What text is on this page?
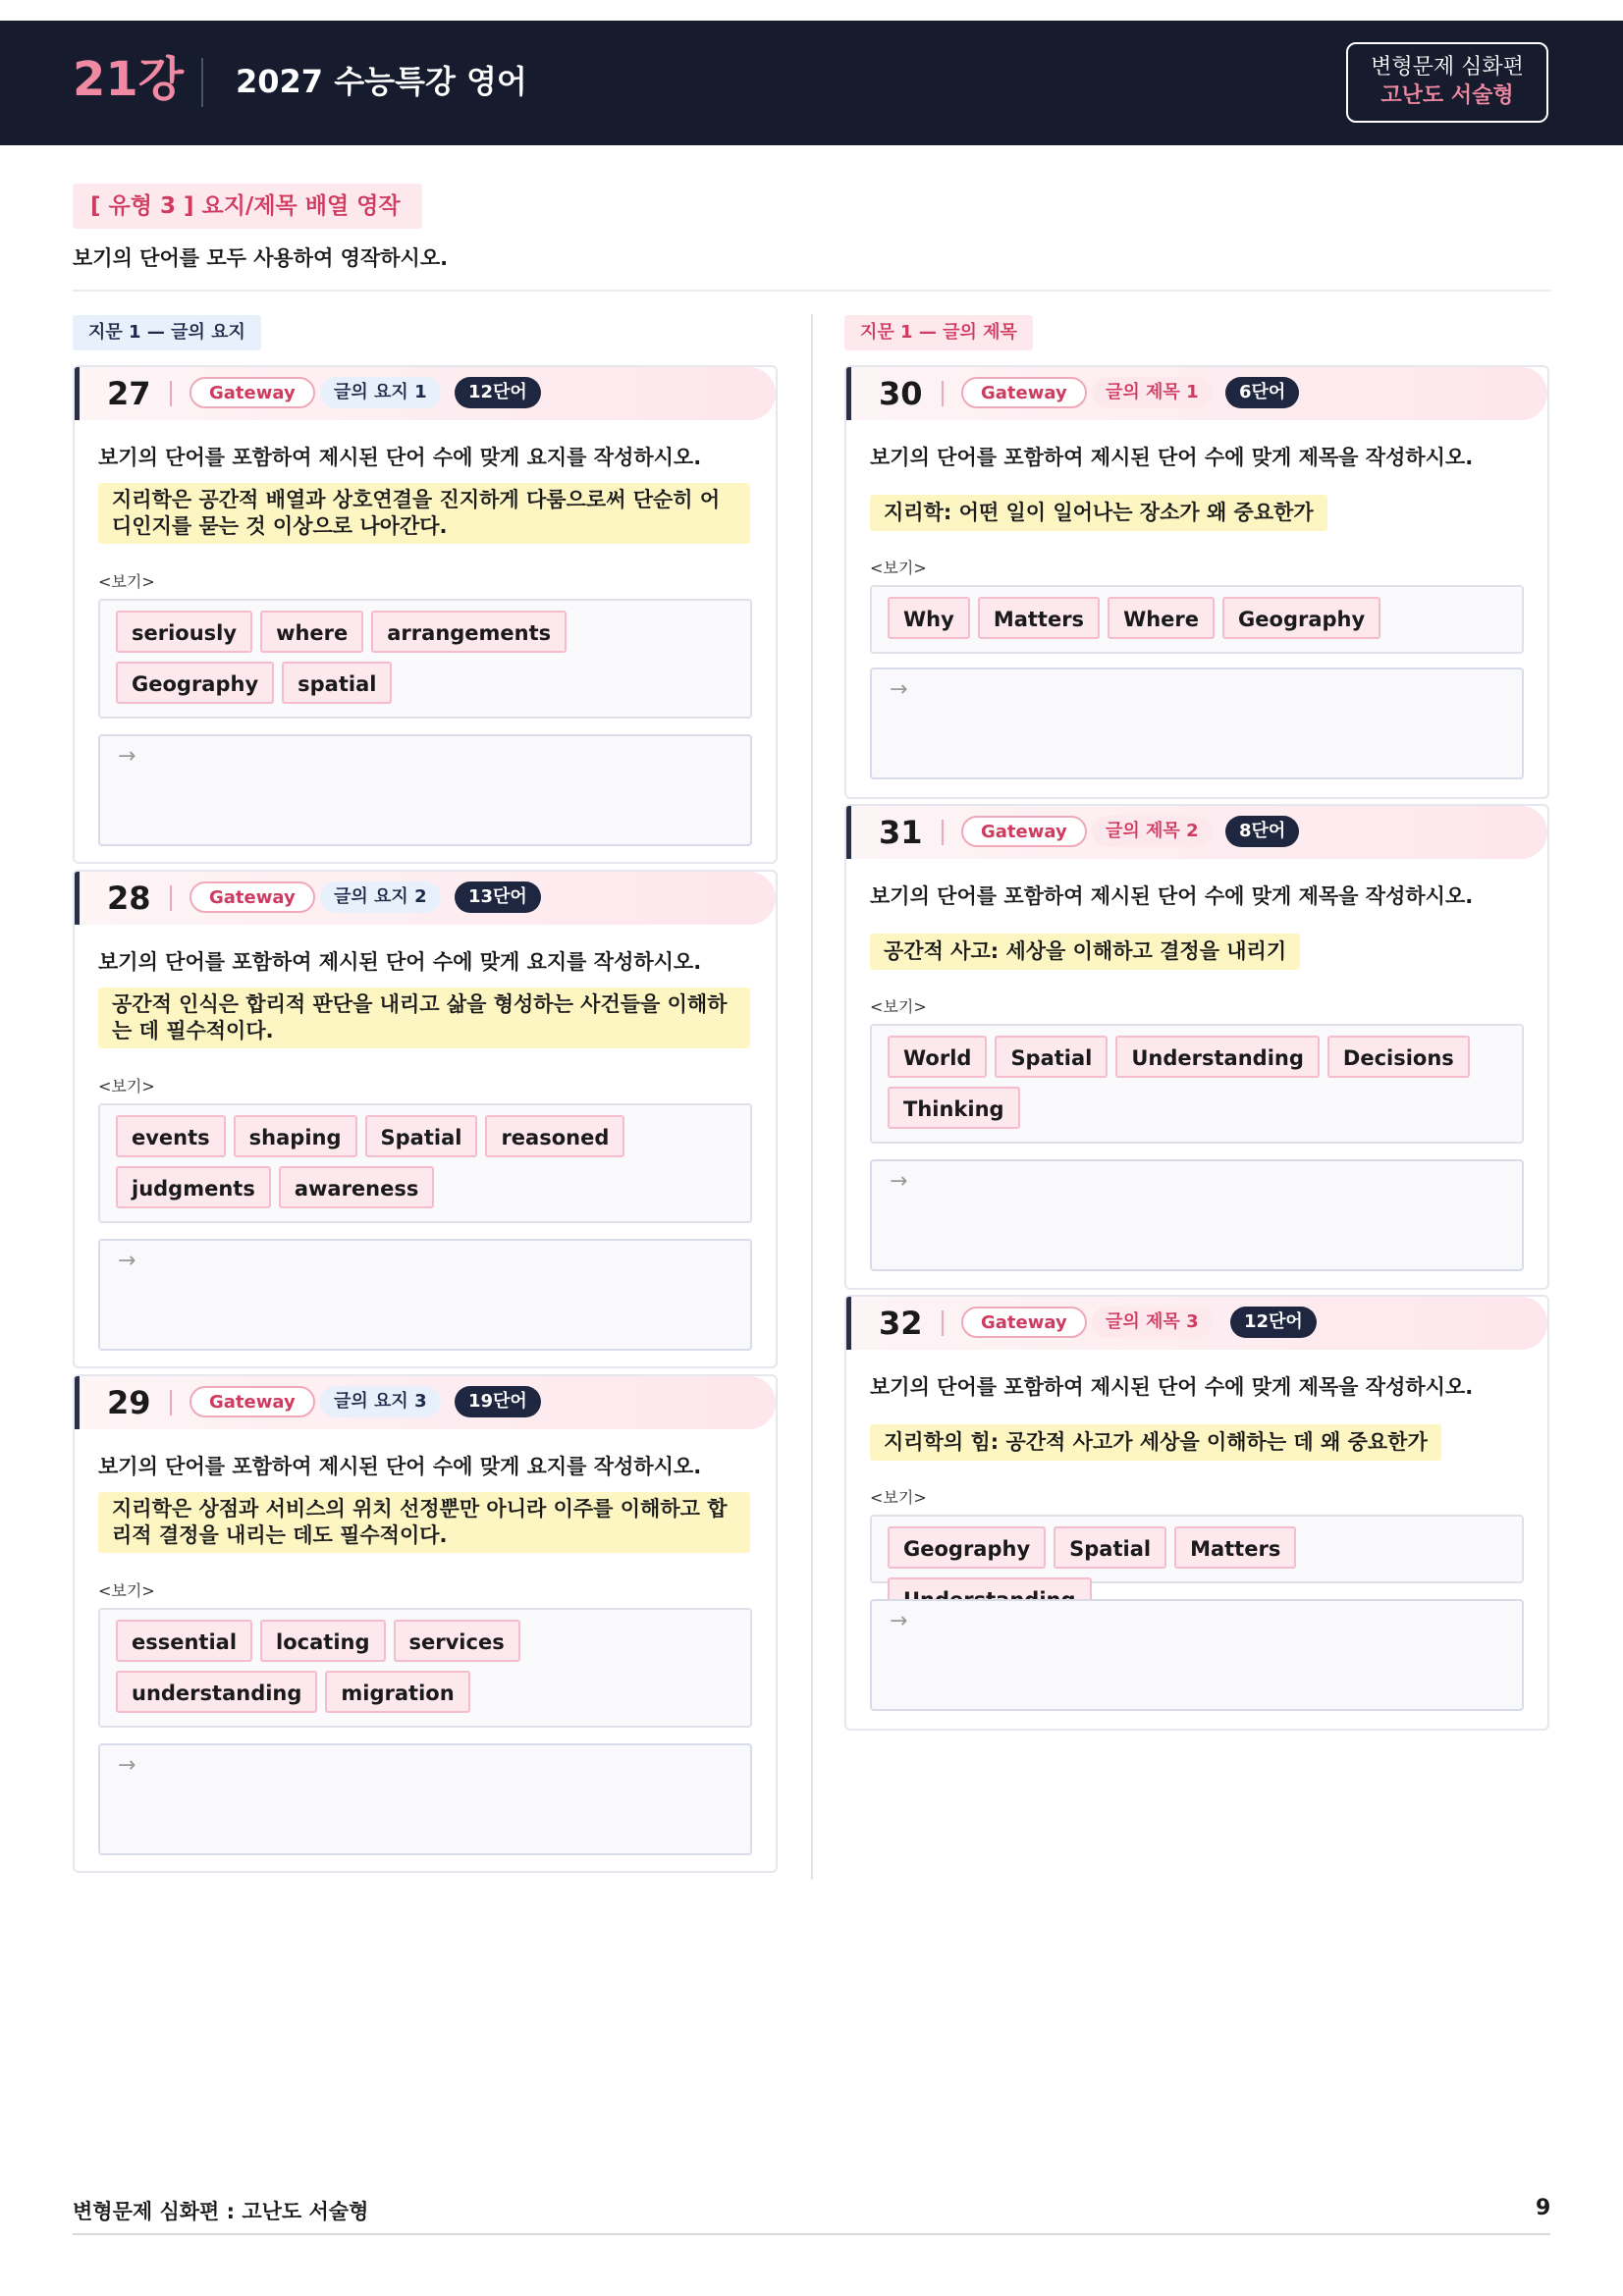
21강 2027 수능특강 영어	변형문제 심화편
고난도 서술형
[ 유형 3 ] 요지/제목 배열 영작
보기의 단어를 모두 사용하여 영작하시오.
지문 1 — 글의 요지	지문 1 — 글의 제목
27	Gateway	글의 요지 1	12단어
보기의 단어를 포함하여 제시된 단어 수에 맞게 요지를 작성하시오.
지리학은 공간적 배열과 상호연결을 진지하게 다룸으로써 단순히 어디인지를 묻는 것 이상으로 나아간다.
<보기>
seriously	where	arrangements
Geography	spatial
→
28	Gateway	글의 요지 2	13단어
보기의 단어를 포함하여 제시된 단어 수에 맞게 요지를 작성하시오.
공간적 인식은 합리적 판단을 내리고 삶을 형성하는 사건들을 이해하는 데 필수적이다.
<보기>
events	shaping	Spatial	reasoned
judgments	awareness
→
29	Gateway	글의 요지 3	19단어
보기의 단어를 포함하여 제시된 단어 수에 맞게 요지를 작성하시오.
지리학은 상점과 서비스의 위치 선정뿐만 아니라 이주를 이해하고 합리적 결정을 내리는 데도 필수적이다.
<보기>
essential	locating	services
understanding	migration
→
30	Gateway	글의 제목 1	6단어
보기의 단어를 포함하여 제시된 단어 수에 맞게 제목을 작성하시오.
지리학: 어떤 일이 일어나는 장소가 왜 중요한가
<보기>
Why	Matters	Where	Geography
→
31	Gateway	글의 제목 2	8단어
보기의 단어를 포함하여 제시된 단어 수에 맞게 제목을 작성하시오.
공간적 사고: 세상을 이해하고 결정을 내리기
<보기>
World	Spatial	Understanding	Decisions
Thinking
→
32	Gateway	글의 제목 3	12단어
보기의 단어를 포함하여 제시된 단어 수에 맞게 제목을 작성하시오.
지리학의 힘: 공간적 사고가 세상을 이해하는 데 왜 중요한가
<보기>
Geography	Spatial	Matters
→
변형문제 심화편 : 고난도 서술형	9
